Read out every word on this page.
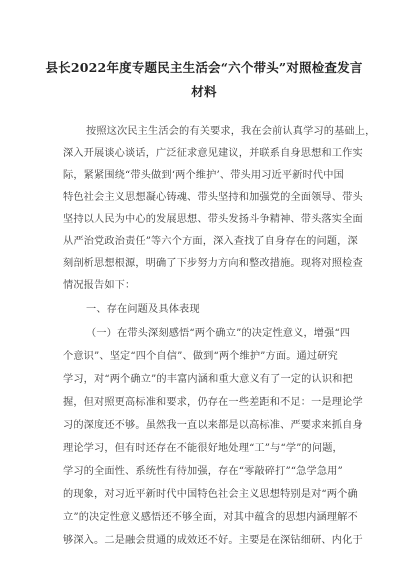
县长2022年度专题民主生活会“六个带头”对照检查发言
材料
按照这次民主生活会的有关要求，我在会前认真学习的基础上，
深入开展谈心谈话，广泛征求意见建议，并联系自身思想和工作实
际，紧紧围绕“带头做到‘两个维护’、带头用习近平新时代中国
特色社会主义思想凝心铸魂、带头坚持和加强党的全面领导、带头
坚持以人民为中心的发展思想、带头发扬斗争精神、带头落实全面
从严治党政治责任”等六个方面，深入查找了自身存在的问题，深
刻剖析思想根源，明确了下步努力方向和整改措施。现将对照检查
情况报告如下：
一、存在问题及具体表现
（一）在带头深刻感悟“两个确立”的决定性意义，增强“四
个意识”、坚定“四个自信”、做到“两个维护”方面。通过研究
学习，对“两个确立”的丰富内涵和重大意义有了一定的认识和把
握，但对照更高标准和要求，仍存在一些差距和不足：一是理论学
习的深度还不够。虽然我一直以来都是以高标准、严要求来抓自身
理论学习，但有时还存在不能很好地处理“工”与“学”的问题，
学习的全面性、系统性有待加强，存在“零敲碎打”“急学急用”
的现象，对习近平新时代中国特色社会主义思想特别是对“两个确
立”的决定性意义感悟还不够全面，对其中蕴含的思想内涵理解不
够深入。二是融会贯通的成效还不好。主要是在深钻细研、内化于
